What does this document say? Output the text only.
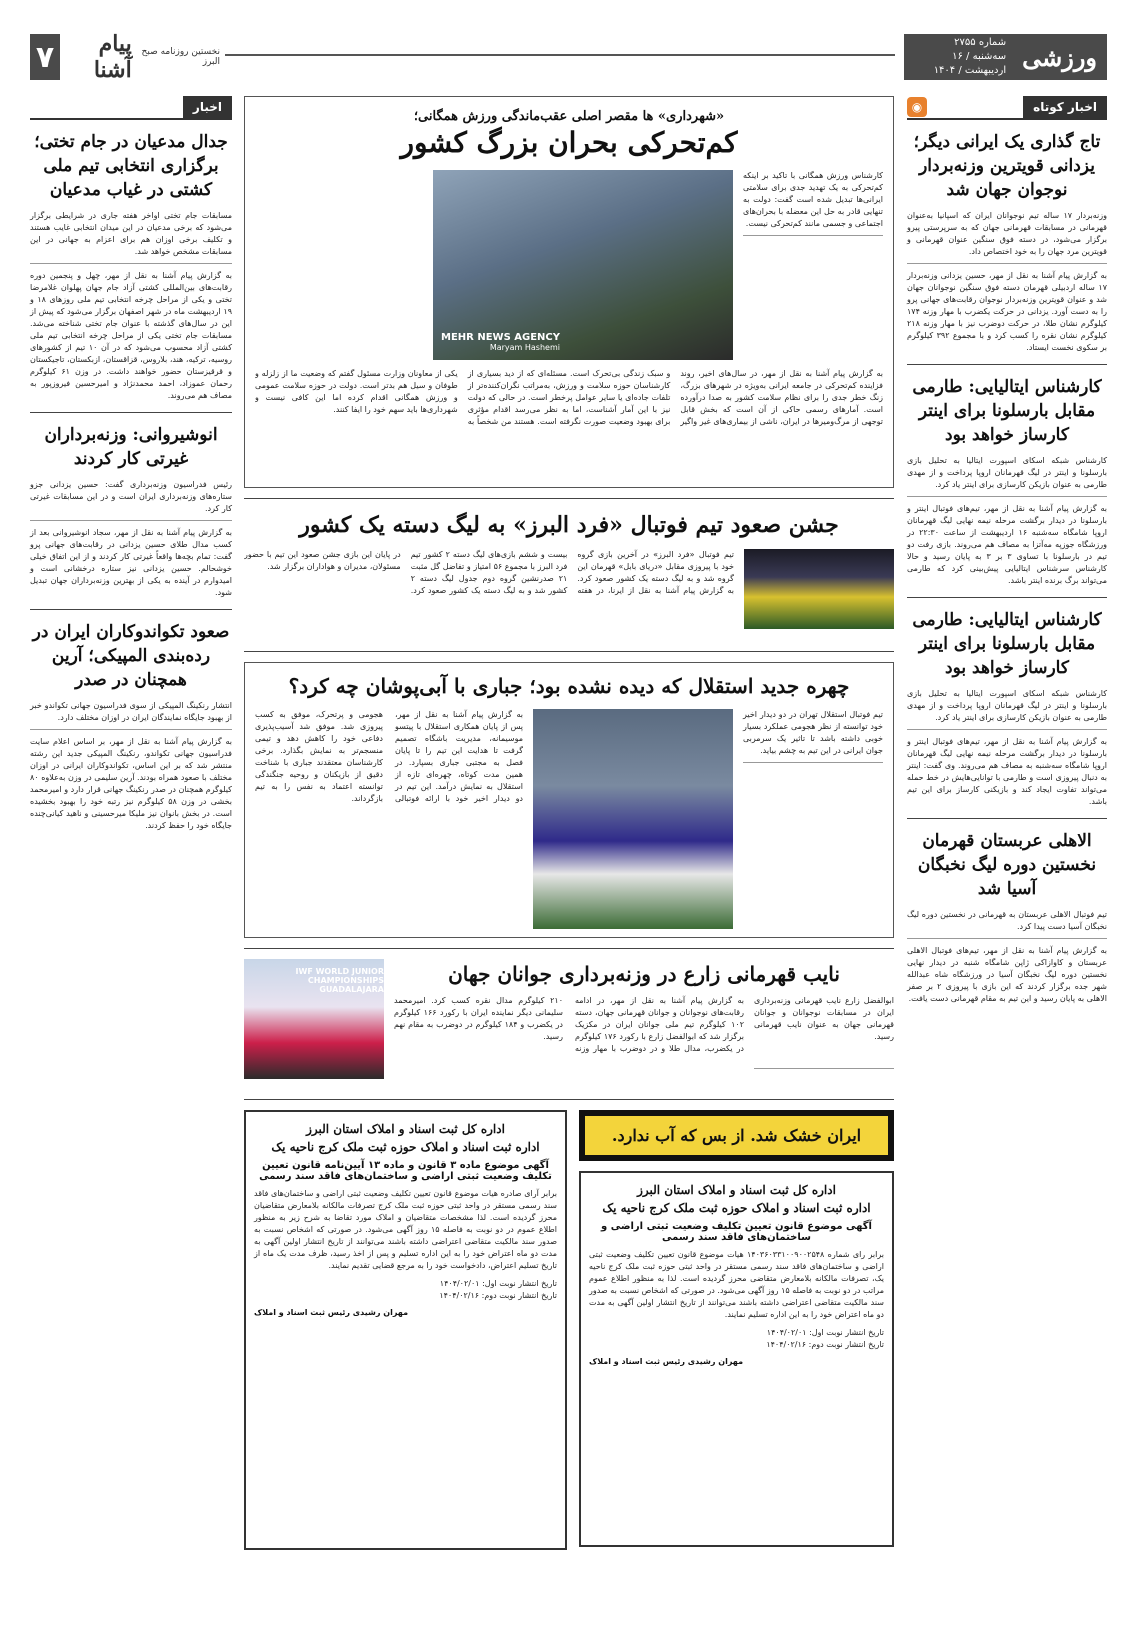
ورزشی
شماره ۲۷۵۵
سه‌شنبه / ۱۶ اردیبهشت / ۱۴۰۴
نخستین روزنامه صبح البرز
پیام آشنا
۷
اخبار کوتاه
◉
تاج گذاری یک ایرانی دیگر؛ یزدانی قویترین وزنه‌بردار نوجوان جهان شد

وزنه‌بردار ۱۷ ساله تیم نوجوانان ایران که اسپانیا به‌عنوان قهرمانی در مسابقات قهرمانی جهان که به سرپرستی پیرو برگزار می‌شود، در دسته فوق سنگین عنوان قهرمانی و قویترین مرد جهان را به خود اختصاص داد.

به گزارش پیام آشنا به نقل از مهر، حسین یزدانی وزنه‌بردار ۱۷ ساله اردبیلی قهرمان دسته فوق سنگین نوجوانان جهان شد و عنوان قویترین وزنه‌بردار نوجوان رقابت‌های جهانی پرو را به دست آورد. یزدانی در حرکت یکضرب با مهار وزنه ۱۷۴ کیلوگرم نشان طلا، در حرکت دوضرب نیز با مهار وزنه ۲۱۸ کیلوگرم نشان نقره را کسب کرد و با مجموع ۳۹۲ کیلوگرم بر سکوی نخست ایستاد.

کارشناس ایتالیایی: طارمی مقابل بارسلونا برای اینتر کارساز خواهد بود

کارشناس شبکه اسکای اسپورت ایتالیا به تحلیل بازی بارسلونا و اینتر در لیگ قهرمانان اروپا پرداخت و از مهدی طارمی به عنوان بازیکن کارسازی برای اینتر یاد کرد.

به گزارش پیام آشنا به نقل از مهر، تیم‌های فوتبال اینتر و بارسلونا در دیدار برگشت مرحله نیمه نهایی لیگ قهرمانان اروپا شامگاه سه‌شنبه ۱۶ اردیبهشت از ساعت ۲۲:۳۰ در ورزشگاه جوزپه مه‌آتزا به مصاف هم می‌روند. بازی رفت دو تیم در بارسلونا با تساوی ۳ بر ۳ به پایان رسید و حالا کارشناس سرشناس ایتالیایی پیش‌بینی کرد که طارمی می‌تواند برگ برنده اینتر باشد.

کارشناس ایتالیایی: طارمی مقابل بارسلونا برای اینتر کارساز خواهد بود

کارشناس شبکه اسکای اسپورت ایتالیا به تحلیل بازی بارسلونا و اینتر در لیگ قهرمانان اروپا پرداخت و از مهدی طارمی به عنوان بازیکن کارسازی برای اینتر یاد کرد.

به گزارش پیام آشنا به نقل از مهر، تیم‌های فوتبال اینتر و بارسلونا در دیدار برگشت مرحله نیمه نهایی لیگ قهرمانان اروپا شامگاه سه‌شنبه به مصاف هم می‌روند. وی گفت: اینتر به دنبال پیروزی است و طارمی با توانایی‌هایش در خط حمله می‌تواند تفاوت ایجاد کند و بازیکنی کارساز برای این تیم باشد.

الاهلی عربستان قهرمان نخستین دوره لیگ نخبگان آسیا شد

تیم فوتبال الاهلی عربستان به قهرمانی در نخستین دوره لیگ نخبگان آسیا دست پیدا کرد.

به گزارش پیام آشنا به نقل از مهر، تیم‌های فوتبال الاهلی عربستان و کاوازاکی ژاپن شامگاه شنبه در دیدار نهایی نخستین دوره لیگ نخبگان آسیا در ورزشگاه شاه عبدالله شهر جده برگزار کردند که این بازی با پیروزی ۲ بر صفر الاهلی به پایان رسید و این تیم به مقام قهرمانی دست یافت.

«شهرداری» ها مقصر اصلی عقب‌ماندگی ورزش همگانی؛
کم‌تحرکی بحران بزرگ کشور

کارشناس ورزش همگانی با تاکید بر اینکه کم‌تحرکی به یک تهدید جدی برای سلامتی ایرانی‌ها تبدیل شده است گفت: دولت به تنهایی قادر به حل این معضله با بحران‌های اجتماعی و جسمی مانند کم‌تحرکی نیست.

MEHR NEWS AGENCY
Maryam Hashemi

به گزارش پیام آشنا به نقل از مهر، در سال‌های اخیر، روند فزاینده کم‌تحرکی در جامعه ایرانی به‌ویژه در شهرهای بزرگ، زنگ خطر جدی را برای نظام سلامت کشور به صدا درآورده است. آمارهای رسمی حاکی از آن است که بخش قابل توجهی از مرگ‌ومیرها در ایران، ناشی از بیماری‌های غیر واگیر و سبک زندگی بی‌تحرک است. مسئله‌ای که از دید بسیاری از کارشناسان حوزه سلامت و ورزش، به‌مراتب نگران‌کننده‌تر از تلفات جاده‌ای یا سایر عوامل پرخطر است. در حالی که دولت نیز با این آمار آشناست، اما به نظر می‌رسد اقدام مؤثری برای بهبود وضعیت صورت نگرفته است. هستند من شخصاً به یکی از معاونان وزارت مسئول گفتم که وضعیت ما از زلزله و طوفان و سیل هم بدتر است. دولت در حوزه سلامت عمومی و ورزش همگانی اقدام کرده اما این کافی نیست و شهرداری‌ها باید سهم خود را ایفا کنند.

جشن صعود تیم فوتبال «فرد البرز» به لیگ دسته یک کشور

تیم فوتبال «فرد البرز» در آخرین بازی گروه خود با پیروزی مقابل «دریای بابل» قهرمان این گروه شد و به لیگ دسته یک کشور صعود کرد. به گزارش پیام آشنا به نقل از ایرنا، در هفته بیست و ششم بازی‌های لیگ دسته ۲ کشور تیم فرد البرز با مجموع ۵۶ امتیاز و تفاضل گل مثبت ۲۱ صدرنشین گروه دوم جدول لیگ دسته ۲ کشور شد و به لیگ دسته یک کشور صعود کرد. در پایان این بازی جشن صعود این تیم با حضور مسئولان، مدیران و هواداران برگزار شد.

چهره جدید استقلال که دیده نشده بود؛ جباری با آبی‌پوشان چه کرد؟

تیم فوتبال استقلال تهران در دو دیدار اخیر خود توانسته از نظر هجومی عملکرد بسیار خوبی داشته باشد تا تاثیر یک سرمربی جوان ایرانی در این تیم به چشم بیاید.

به گزارش پیام آشنا به نقل از مهر، پس از پایان همکاری استقلال با پیتسو موسیمانه، مدیریت باشگاه تصمیم گرفت تا هدایت این تیم را تا پایان فصل به مجتبی جباری بسپارد. در همین مدت کوتاه، چهره‌ای تازه از استقلال به نمایش درآمد. این تیم در دو دیدار اخیر خود با ارائه فوتبالی هجومی و پرتحرک، موفق به کسب پیروزی شد. موفق شد آسیب‌پذیری دفاعی خود را کاهش دهد و تیمی منسجم‌تر به نمایش بگذارد. برخی کارشناسان معتقدند جباری با شناخت دقیق از بازیکنان و روحیه جنگندگی توانسته اعتماد به نفس را به تیم بازگرداند.

نایب قهرمانی زارع در وزنه‌برداری جوانان جهان

ابوالفضل زارع نایب قهرمانی وزنه‌برداری ایران در مسابقات نوجوانان و جوانان قهرمانی جهان به عنوان نایب قهرمانی رسید.

به گزارش پیام آشنا به نقل از مهر، در ادامه رقابت‌های نوجوانان و جوانان قهرمانی جهان، دسته ۱۰۲ کیلوگرم تیم ملی جوانان ایران در مکزیک برگزار شد که ابوالفضل زارع با رکورد ۱۷۶ کیلوگرم در یکضرب، مدال طلا و در دوضرب با مهار وزنه ۲۱۰ کیلوگرم مدال نقره کسب کرد. امیرمحمد سلیمانی دیگر نماینده ایران با رکورد ۱۶۶ کیلوگرم در یکضرب و ۱۸۴ کیلوگرم در دوضرب به مقام نهم رسید.

IWF WORLD JUNIOR CHAMPIONSHIPS GUADALAJARA
ایران خشک شد. از بس که آب ندارد.
اداره کل ثبت اسناد و املاک استان البرز
اداره ثبت اسناد و املاک حوزه ثبت ملک کرج ناحیه یک
آگهی موضوع قانون تعیین تکلیف وضعیت ثبتی اراضی و ساختمان‌های فاقد سند رسمی

برابر رای شماره ۱۴۰۳۶۰۳۳۱۰۰۹۰۰۲۵۴۸ هیات موضوع قانون تعیین تکلیف وضعیت ثبتی اراضی و ساختمان‌های فاقد سند رسمی مستقر در واحد ثبتی حوزه ثبت ملک کرج ناحیه یک، تصرفات مالکانه بلامعارض متقاضی محرز گردیده است. لذا به منظور اطلاع عموم مراتب در دو نوبت به فاصله ۱۵ روز آگهی می‌شود. در صورتی که اشخاص نسبت به صدور سند مالکیت متقاضی اعتراضی داشته باشند می‌توانند از تاریخ انتشار اولین آگهی به مدت دو ماه اعتراض خود را به این اداره تسلیم نمایند.

تاریخ انتشار نوبت اول: ۱۴۰۴/۰۲/۰۱

تاریخ انتشار نوبت دوم: ۱۴۰۴/۰۲/۱۶

مهران رشیدی رئیس ثبت اسناد و املاک

اداره کل ثبت اسناد و املاک استان البرز
اداره ثبت اسناد و املاک حوزه ثبت ملک کرج ناحیه یک
آگهی موضوع ماده ۳ قانون و ماده ۱۳ آیین‌نامه قانون تعیین تکلیف وضعیت ثبتی اراضی و ساختمان‌های فاقد سند رسمی

برابر آرای صادره هیات موضوع قانون تعیین تکلیف وضعیت ثبتی اراضی و ساختمان‌های فاقد سند رسمی مستقر در واحد ثبتی حوزه ثبت ملک کرج تصرفات مالکانه بلامعارض متقاضیان محرز گردیده است. لذا مشخصات متقاضیان و املاک مورد تقاضا به شرح زیر به منظور اطلاع عموم در دو نوبت به فاصله ۱۵ روز آگهی می‌شود. در صورتی که اشخاص نسبت به صدور سند مالکیت متقاضی اعتراضی داشته باشند می‌توانند از تاریخ انتشار اولین آگهی به مدت دو ماه اعتراض خود را به این اداره تسلیم و پس از اخذ رسید، ظرف مدت یک ماه از تاریخ تسلیم اعتراض، دادخواست خود را به مرجع قضایی تقدیم نمایند.

تاریخ انتشار نوبت اول: ۱۴۰۴/۰۲/۰۱

تاریخ انتشار نوبت دوم: ۱۴۰۴/۰۲/۱۶

مهران رشیدی رئیس ثبت اسناد و املاک

اخبار
جدال مدعیان در جام تختی؛ برگزاری انتخابی تیم ملی کشتی در غیاب مدعیان

مسابقات جام تختی اواخر هفته جاری در شرایطی برگزار می‌شود که برخی مدعیان در این میدان انتخابی غایب هستند و تکلیف برخی اوزان هم برای اعزام به جهانی در این مسابقات مشخص خواهد شد.

به گزارش پیام آشنا به نقل از مهر، چهل و پنجمین دوره رقابت‌های بین‌المللی کشتی آزاد جام جهان پهلوان غلامرضا تختی و یکی از مراحل چرخه انتخابی تیم ملی روزهای ۱۸ و ۱۹ اردیبهشت ماه در شهر اصفهان برگزار می‌شود که پیش از این در سال‌های گذشته با عنوان جام تختی شناخته می‌شد. مسابقات جام تختی یکی از مراحل چرخه انتخابی تیم ملی کشتی آزاد محسوب می‌شود که در آن ۱۰ تیم از کشورهای روسیه، ترکیه، هند، بلاروس، قزاقستان، ازبکستان، تاجیکستان و قرقیزستان حضور خواهند داشت. در وزن ۶۱ کیلوگرم رحمان عموزاد، احمد محمدنژاد و امیرحسین فیروزپور به مصاف هم می‌روند.

انوشیروانی: وزنه‌برداران غیرتی کار کردند

رئیس فدراسیون وزنه‌برداری گفت: حسین یزدانی جزو ستاره‌های وزنه‌برداری ایران است و در این مسابقات غیرتی کار کرد.

به گزارش پیام آشنا به نقل از مهر، سجاد انوشیروانی بعد از کسب مدال طلای حسین یزدانی در رقابت‌های جهانی پرو گفت: تمام بچه‌ها واقعاً غیرتی کار کردند و از این اتفاق خیلی خوشحالم. حسین یزدانی نیز ستاره درخشانی است و امیدوارم در آینده به یکی از بهترین وزنه‌برداران جهان تبدیل شود.

صعود تکواندوکاران ایران در رده‌بندی المپیکی؛ آرین همچنان در صدر

انتشار رنکینگ المپیکی از سوی فدراسیون جهانی تکواندو خبر از بهبود جایگاه نمایندگان ایران در اوزان مختلف دارد.

به گزارش پیام آشنا به نقل از مهر، بر اساس اعلام سایت فدراسیون جهانی تکواندو، رنکینگ المپیکی جدید این رشته منتشر شد که بر این اساس، تکواندوکاران ایرانی در اوزان مختلف با صعود همراه بودند. آرین سلیمی در وزن به‌علاوه ۸۰ کیلوگرم همچنان در صدر رنکینگ جهانی قرار دارد و امیرمحمد بخشی در وزن ۵۸ کیلوگرم نیز رتبه خود را بهبود بخشیده است. در بخش بانوان نیز ملیکا میرحسینی و ناهید کیانی‌چنده جایگاه خود را حفظ کردند.
